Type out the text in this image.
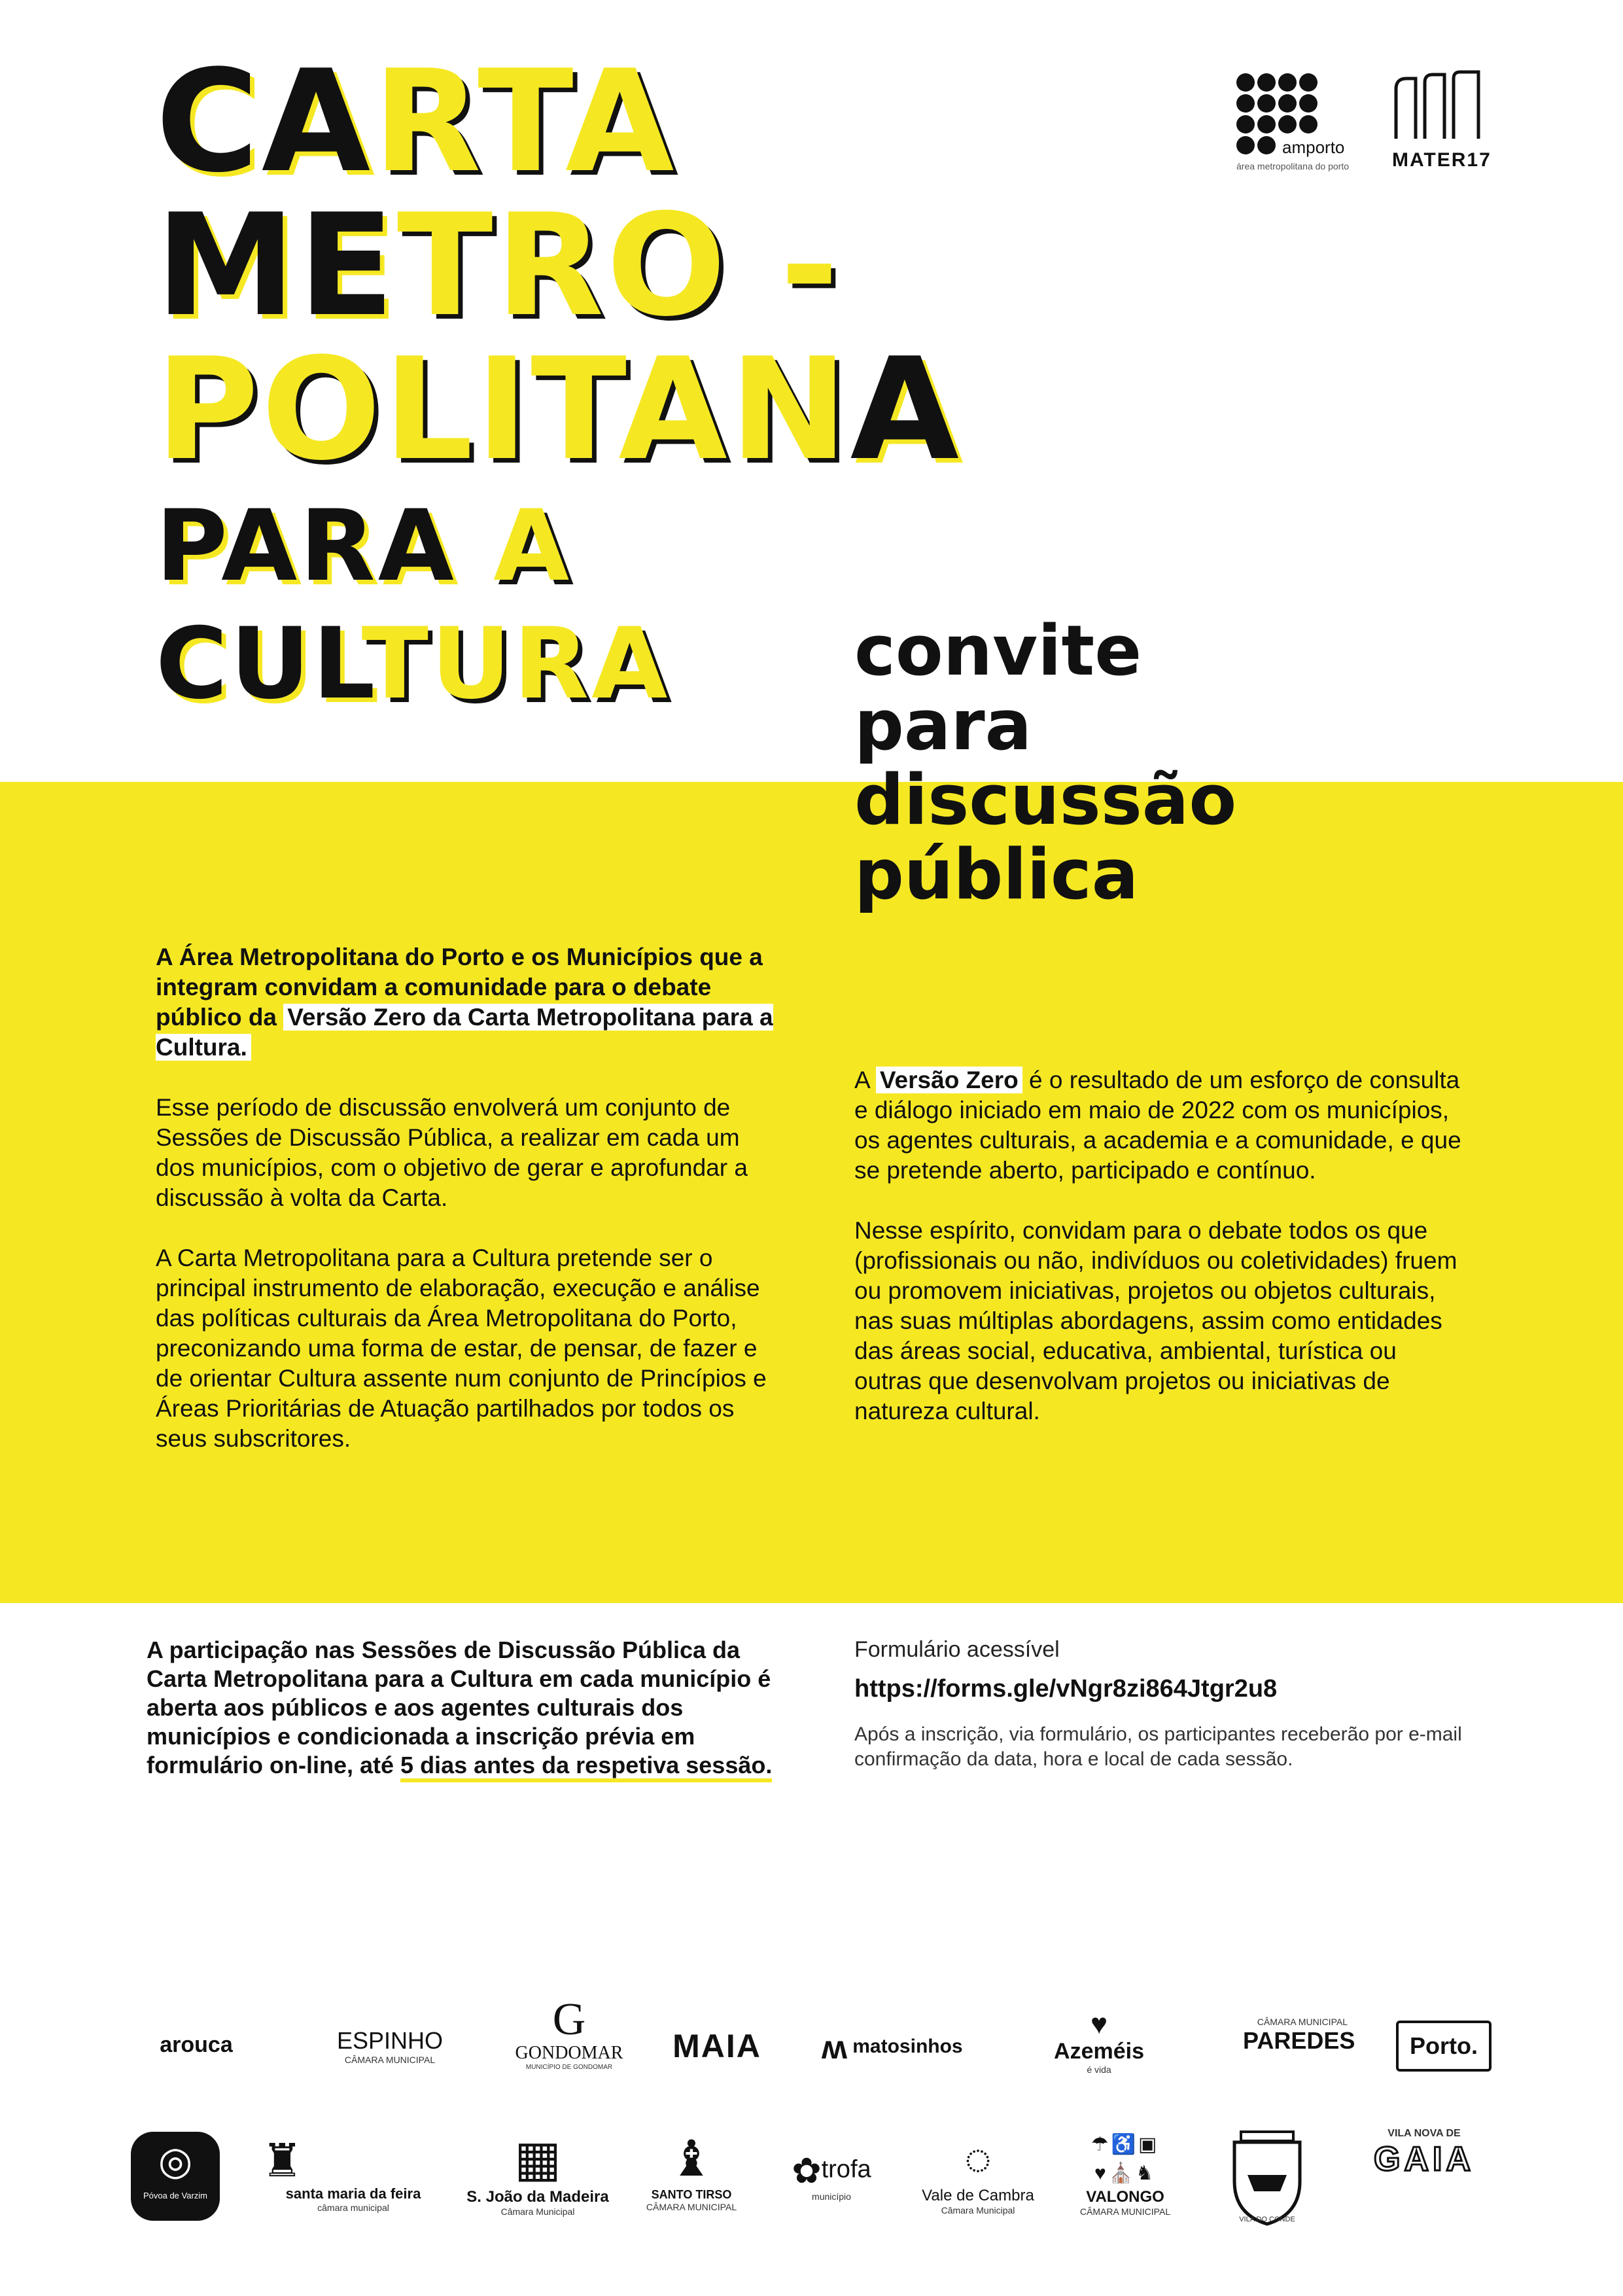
CARTA
METRO -
POLITANA
PARA A
CULTURA
amporto
área metropolitana do porto MATER17
convite
para
discussão
pública

A Área Metropolitana do Porto e os Municípios que a integram convidam a comunidade para o debate público da Versão Zero da Carta Metropolitana para a Cultura.

Esse período de discussão envolverá um conjunto de Sessões de Discussão Pública, a realizar em cada um dos municípios, com o objetivo de gerar e aprofundar a discussão à volta da Carta.

A Carta Metropolitana para a Cultura pretende ser o principal instrumento de elaboração, execução e análise das políticas culturais da Área Metropolitana do Porto, preconizando uma forma de estar, de pensar, de fazer e de orientar Cultura assente num conjunto de Princípios e Áreas Prioritárias de Atuação partilhados por todos os seus subscritores.

A Versão Zero é o resultado de um esforço de consulta e diálogo iniciado em maio de 2022 com os municípios, os agentes culturais, a academia e a comunidade, e que se pretende aberto, participado e contínuo.

Nesse espírito, convidam para o debate todos os que (profissionais ou não, indivíduos ou coletividades) fruem ou promovem iniciativas, projetos ou objetos culturais, nas suas múltiplas abordagens, assim como entidades das áreas social, educativa, ambiental, turística ou outras que desenvolvam projetos ou iniciativas de natureza cultural.

A participação nas Sessões de Discussão Pública da Carta Metropolitana para a Cultura em cada município é aberta aos públicos e aos agentes culturais dos municípios e condicionada a inscrição prévia em formulário on-line, até 5 dias antes da respetiva sessão.
Formulário acessível
https://forms.gle/vNgr8zi864Jtgr2u8
Após a inscrição, via formulário, os participantes receberão por e-mail confirmação da data, hora e local de cada sessão.
arouca	ESPINHO
CÂMARA MUNICIPAL
G
GONDOMAR
MUNICÍPIO DE GONDOMAR
MAIA ʍ matosinhos
♥
Azeméis
é vida
CÂMARA MUNICIPAL
PAREDES	Porto.
◎
Póvoa de Varzim
♜
santa maria da feira
câmara municipal
▦
S. João da Madeira
Câmara Municipal
♝
SANTO TIRSO
CÂMARA MUNICIPAL
✿trofa
município
◌
Vale de Cambra
Câmara Municipal
☂♿▣
♥⛪♞
VALONGO
CÂMARA MUNICIPAL
VILA DO CONDE
VILA NOVA DE
GAIA
